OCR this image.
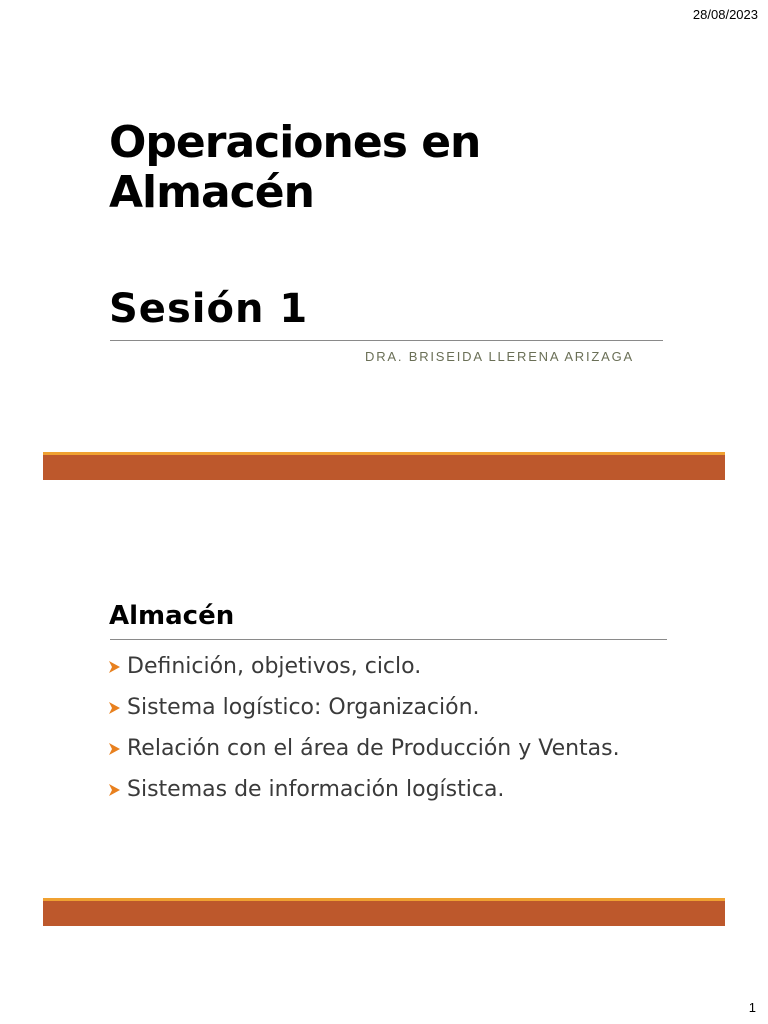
28/08/2023
Operaciones en
Almacén
Sesión 1
DRA. BRISEIDA LLERENA ARIZAGA
Almacén
Definición, objetivos, ciclo.
Sistema logístico: Organización.
Relación con el área de Producción y Ventas.
Sistemas de información logística.
1
